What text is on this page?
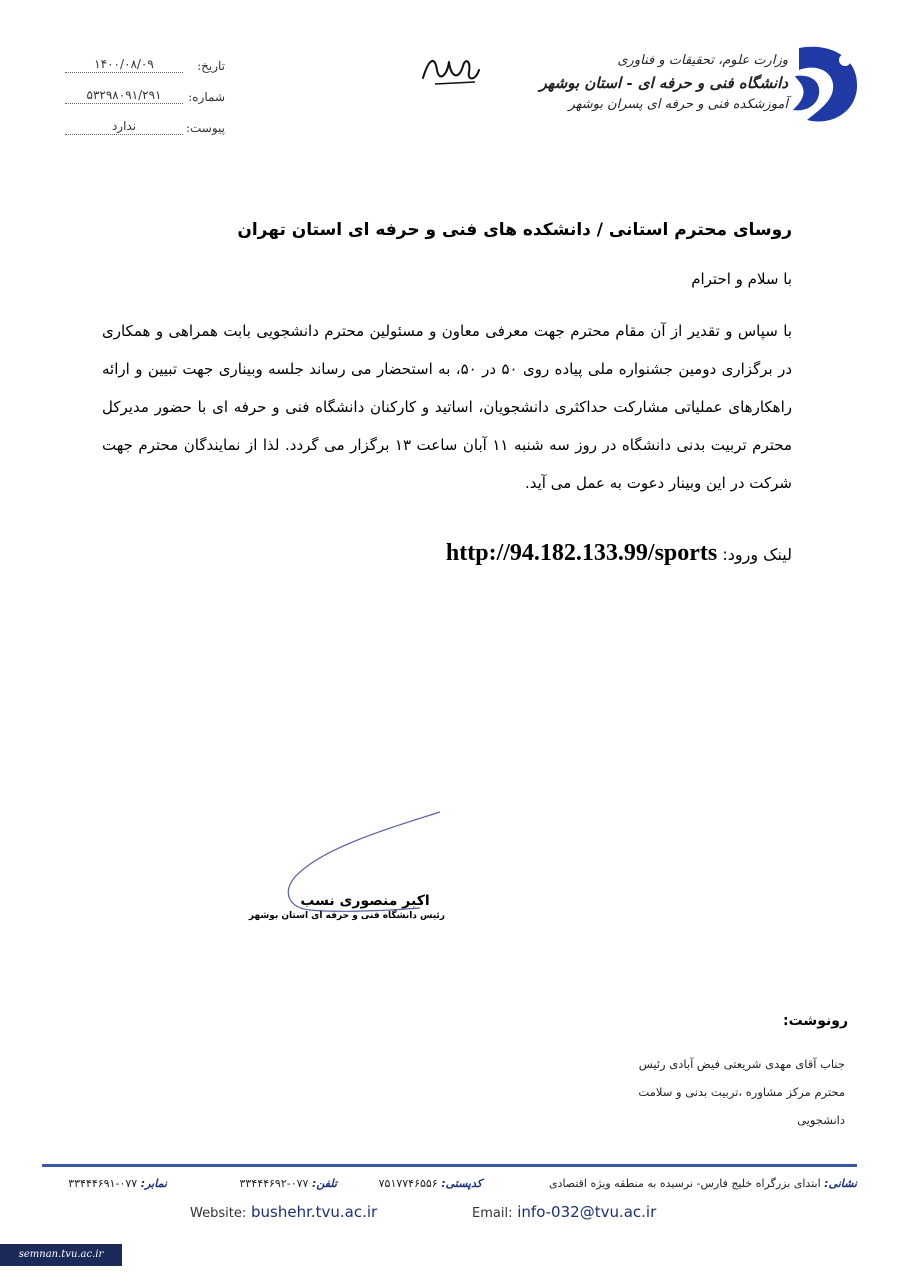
وزارت علوم، تحقیقات و فناوری
دانشگاه فنی و حرفه ای - استان بوشهر
آموزشکده فنی و حرفه ای پسران بوشهر
تاریخ:
۱۴۰۰/۰۸/۰۹
شماره:
۵۳۲۹۸۰۹۱/۲۹۱
پیوست:
ندارد
روسای محترم استانی / دانشکده های فنی و حرفه ای استان تهران
با سلام و احترام
با سپاس و تقدیر از آن مقام محترم جهت معرفی معاون و مسئولین محترم دانشجویی بابت همراهی و همکاری در برگزاری دومین جشنواره ملی پیاده روی ۵۰ در ۵۰، به استحضار می رساند جلسه وبیناری جهت تبیین و ارائه راهکارهای عملیاتی مشارکت حداکثری دانشجویان، اساتید و کارکنان دانشگاه فنی و حرفه ای با حضور مدیرکل محترم تربیت بدنی دانشگاه در روز سه شنبه ۱۱ آبان ساعت ۱۳ برگزار می گردد. لذا از نمایندگان محترم جهت شرکت در این وبینار دعوت به عمل می آید.
لینک ورود: http://94.182.133.99/sports
اکبر منصوری نسب
رئیس دانشگاه فنی و حرفه ای استان بوشهر
رونوشت:
جناب آقای مهدی شریعتی فیض آبادی رئیس
محترم مرکز مشاوره ،تربیت بدنی و سلامت
دانشجویی
نشانی: ابتدای بزرگراه خلیج فارس- نرسیده به منطقه ویژه اقتصادی
کدپستی: ۷۵۱۷۷۴۶۵۵۶
تلفن: ۰۷۷-۳۳۴۴۴۶۹۲
نمابر: ۰۷۷-۳۳۴۴۴۶۹۱
Website: bushehr.tvu.ac.ir	Email: info-032@tvu.ac.ir
semnan.tvu.ac.ir
